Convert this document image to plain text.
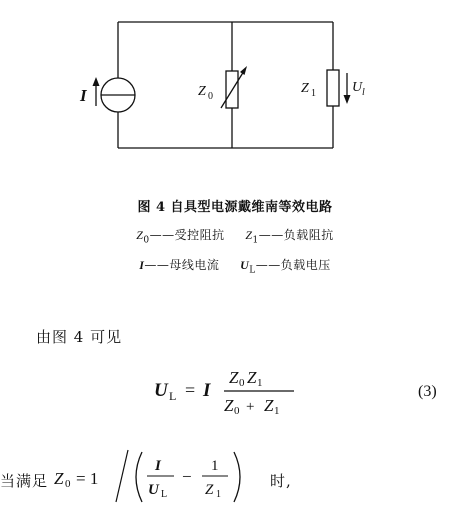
I	Z 0
Z 1	U l
图 4 自具型电源戴维南等效电路
$Z_0——$受控阻抗 $Z_1——$负载阻抗
I——母线电流 $U_L——$负载电压
由图 4 可见
U L = I
Z 0 Z 1
Z 0 + Z 1
(3)
当满足 Z 0 = 1
I
U L
−
1
Z 1
时,
